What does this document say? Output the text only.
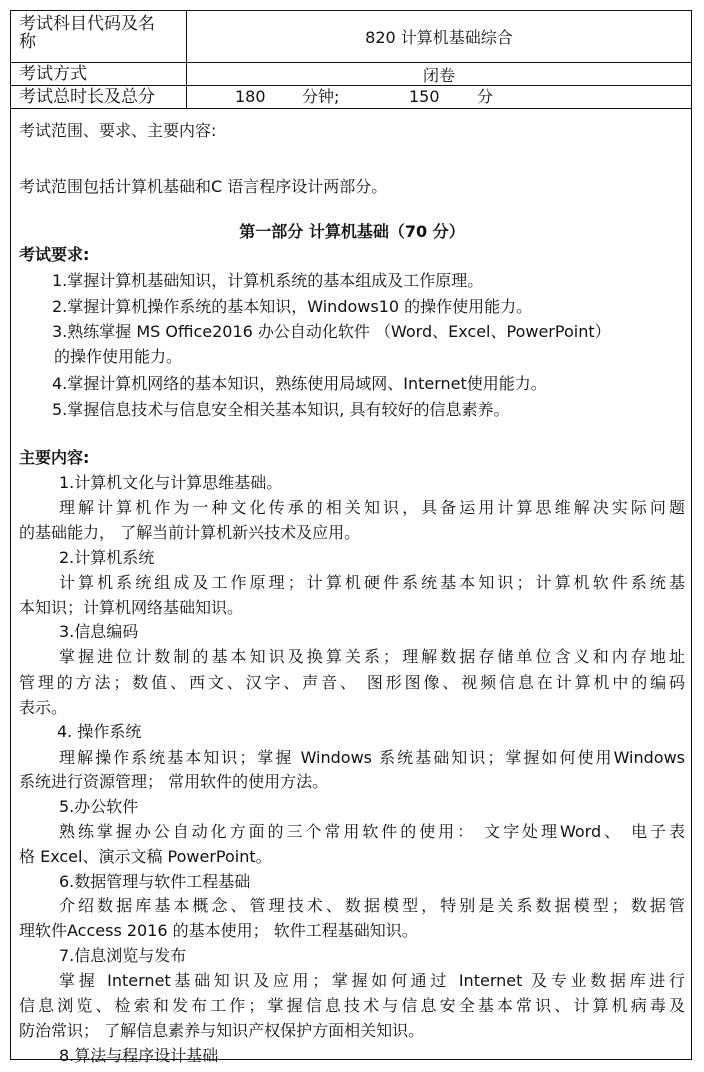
考试科目代码及名
称	820 计算机基础综合
考试方式	闭卷
考试总时长及总分	180 分钟;	150 分
考试范围、要求、主要内容:
考试范围包括计算机基础和C 语言程序设计两部分。
第一部分 计算机基础（70 分）
考试要求:
1.掌握计算机基础知识，计算机系统的基本组成及工作原理。
2.掌握计算机操作系统的基本知识，Windows10 的操作使用能力。
3.熟练掌握 MS Office2016 办公自动化软件 （Word、Excel、PowerPoint）
的操作使用能力。
4.掌握计算机网络的基本知识，熟练使用局域网、Internet使用能力。
5.掌握信息技术与信息安全相关基本知识, 具有较好的信息素养。
主要内容:
1.计算机文化与计算思维基础。
理解计算机作为一种文化传承的相关知识，具备运用计算思维解决实际问题
的基础能力， 了解当前计算机新兴技术及应用。
2.计算机系统
计算机系统组成及工作原理；计算机硬件系统基本知识；计算机软件系统基
本知识；计算机网络基础知识。
3.信息编码
掌握进位计数制的基本知识及换算关系；理解数据存储单位含义和内存地址
管理的方法；数值、西文、汉字、声音、 图形图像、视频信息在计算机中的编码
表示。
4. 操作系统
理解操作系统基本知识；掌握 Windows 系统基础知识；掌握如何使用Windows
系统进行资源管理； 常用软件的使用方法。
5.办公软件
熟练掌握办公自动化方面的三个常用软件的使用： 文字处理Word、 电子表
格 Excel、演示文稿 PowerPoint。
6.数据管理与软件工程基础
介绍数据库基本概念、管理技术、数据模型，特别是关系数据模型；数据管
理软件Access 2016 的基本使用； 软件工程基础知识。
7.信息浏览与发布
掌握 Internet基础知识及应用；掌握如何通过 Internet 及专业数据库进行
信息浏览、检索和发布工作；掌握信息技术与信息安全基本常识、计算机病毒及
防治常识； 了解信息素养与知识产权保护方面相关知识。
8.算法与程序设计基础
